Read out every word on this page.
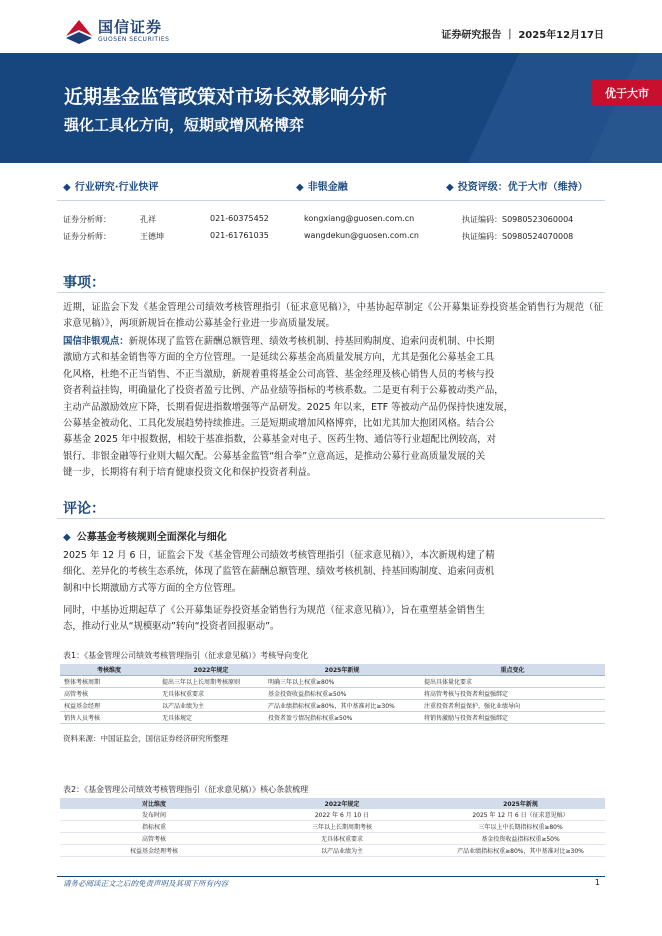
国信证券
GUOSEN SECURITIES	证券研究报告 ｜ 2025年12月17日
近期基金监管政策对市场长效影响分析
强化工具化方向，短期或增风格博弈
优于大市
◆ 行业研究·行业快评	◆ 非银金融	◆ 投资评级：优于大市（维持）
证券分析师：	孔祥	021-60375452	kongxiang@guosen.com.cn	执证编码：S0980523060004
证券分析师：	王德坤	021-61761035	wangdekun@guosen.com.cn	执证编码：S0980524070008
事项：
近期，证监会下发《基金管理公司绩效考核管理指引（征求意见稿）》，中基协起草制定《公开募集证券投资基金销售行为规范（征求意见稿）》，两项新规旨在推动公募基金行业进一步高质量发展。
国信非银观点：新规体现了监管在薪酬总额管理、绩效考核机制、持基回购制度、追索问责机制、中长期
激励方式和基金销售等方面的全方位管理。一是延续公募基金高质量发展方向，尤其是强化公募基金工具
化风格，杜绝不正当销售、不正当激励，新规着重将基金公司高管、基金经理及核心销售人员的考核与投
资者利益挂钩，明确量化了投资者盈亏比例、产品业绩等指标的考核系数。二是更有利于公募被动类产品，
主动产品激励效应下降，长期看促进指数增强等产品研发。2025 年以来，ETF 等被动产品仍保持快速发展，
公募基金被动化、工具化发展趋势持续推进。三是短期或增加风格博弈，比如尤其加大抱团风格。结合公
募基金 2025 年中报数据，相较于基准指数，公募基金对电子、医药生物、通信等行业超配比例较高，对
银行、非银金融等行业则大幅欠配。公募基金监管“组合拳”立意高远，是推动公募行业高质量发展的关
键一步，长期将有利于培育健康投资文化和保护投资者利益。
评论：
◆ 公募基金考核规则全面深化与细化
2025 年 12 月 6 日，证监会下发《基金管理公司绩效考核管理指引（征求意见稿）》，本次新规构建了精
细化、差异化的考核生态系统，体现了监管在薪酬总额管理、绩效考核机制、持基回购制度、追索问责机
制和中长期激励方式等方面的全方位管理。
同时，中基协近期起草了《公开募集证券投资基金销售行为规范（征求意见稿）》，旨在重塑基金销售生
态，推动行业从“规模驱动”转向“投资者回报驱动”。
表1：《基金管理公司绩效考核管理指引（征求意见稿）》考核导向变化
考核维度	2022年规定	2025年新规	重点变化
整体考核周期	提出三年以上长周期考核原则	明确三年以上权重≥80%	提出具体量化要求
高管考核	无具体权重要求	基金投资收益指标权重≥50%	将高管考核与投资者利益强绑定
权益基金经理	以产品业绩为主	产品业绩指标权重≥80%，其中基准对比≥30%	注重投资者利益保护，强化业绩导向
销售人员考核	无具体规定	投资者盈亏情况指标权重≥50%	将销售激励与投资者利益强绑定
资料来源：中国证监会，国信证券经济研究所整理
表2：《基金管理公司绩效考核管理指引（征求意见稿）》核心条款梳理
对比维度	2022年规定	2025年新规
发布时间	2022 年 6 月 10 日	2025 年 12 月 6 日（征求意见稿）
指标权重	三年以上长期周期考核	三年以上中长期指标权重≥80%
高管考核	无具体权重要求	基金投资收益指标权重≥50%
权益基金经理考核	以产品业绩为主	产品业绩指标权重≥80%，其中基准对比≥30%
请务必阅读正文之后的免责声明及其项下所有内容	1
